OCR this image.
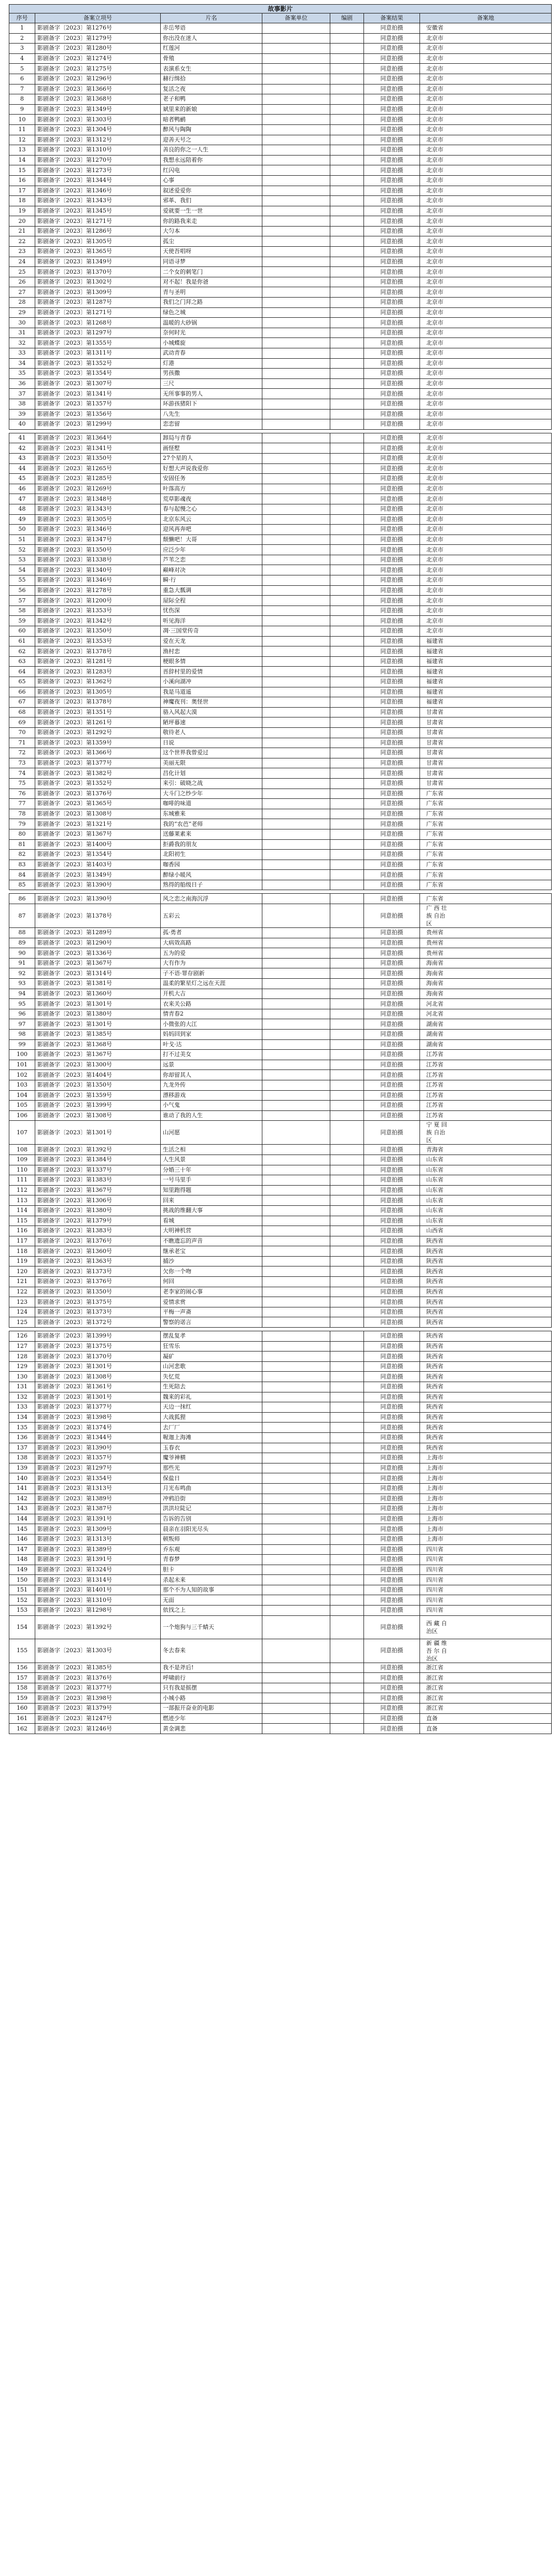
故事影片						
序号	备案立项号	片名	备案单位	编剧	备案结果	备案地
1	影剧备字〔2023〕第1276号	赤岳琴语			同意拍摄	安徽省
2	影剧备字〔2023〕第1279号	你出没在迷人			同意拍摄	北京市
3	影剧备字〔2023〕第1280号	红莲河			同意拍摄	北京市
4	影剧备字〔2023〕第1274号	骨殖			同意拍摄	北京市
5	影剧备字〔2023〕第1275号	表演系女生			同意拍摄	北京市
6	影剧备字〔2023〕第1296号	赫行缉拾			同意拍摄	北京市
7	影剧备字〔2023〕第1366号	复活之夜			同意拍摄	北京市
8	影剧备字〔2023〕第1368号	老子和鸭			同意拍摄	北京市
9	影剧备字〔2023〕第1349号	斌里来的新娘			同意拍摄	北京市
10	影剧备字〔2023〕第1303号	暗者鸭鹂			同意拍摄	北京市
11	影剧备字〔2023〕第1304号	醉风与陶陶			同意拍摄	北京市
12	影剧备字〔2023〕第1312号	迎善天号之			同意拍摄	北京市
13	影剧备字〔2023〕第1310号	善良的你之一人生			同意拍摄	北京市
14	影剧备字〔2023〕第1270号	我想永远陪着你			同意拍摄	北京市
15	影剧备字〔2023〕第1273号	红闪电			同意拍摄	北京市
16	影剧备字〔2023〕第1344号	心事			同意拍摄	北京市
17	影剧备字〔2023〕第1346号	叙述爱爱你			同意拍摄	北京市
18	影剧备字〔2023〕第1343号	邪革、我们			同意拍摄	北京市
19	影剧备字〔2023〕第1345号	爱就要一生一世			同意拍摄	北京市
20	影剧备字〔2023〕第1271号	你的路我来走			同意拍摄	北京市
21	影剧备字〔2023〕第1286号	大匀本			同意拍摄	北京市
22	影剧备字〔2023〕第1305号	孤尘			同意拍摄	北京市
23	影剧备字〔2023〕第1365号	天使吾唱呀			同意拍摄	北京市
24	影剧备字〔2023〕第1349号	同语寻梦			同意拍摄	北京市
25	影剧备字〔2023〕第1370号	二个女的刺笔门			同意拍摄	北京市
26	影剧备字〔2023〕第1302号	对不起！我是你爸			同意拍摄	北京市
27	影剧备字〔2023〕第1309号	青与圣明			同意拍摄	北京市
28	影剧备字〔2023〕第1287号	我们之门拜之路			同意拍摄	北京市
29	影剧备字〔2023〕第1271号	绿色之城			同意拍摄	北京市
30	影剧备字〔2023〕第1268号	温暖的大砂锅			同意拍摄	北京市
31	影剧备字〔2023〕第1297号	奈何时光			同意拍摄	北京市
32	影剧备字〔2023〕第1355号	小城蝶旋			同意拍摄	北京市
33	影剧备字〔2023〕第1311号	武动青春			同意拍摄	北京市
34	影剧备字〔2023〕第1352号	灯港			同意拍摄	北京市
35	影剧备字〔2023〕第1354号	男孩撒			同意拍摄	北京市
36	影剧备字〔2023〕第1307号	三尺			同意拍摄	北京市
37	影剧备字〔2023〕第1341号	无所事事的男人			同意拍摄	北京市
38	影剧备字〔2023〕第1357号	环游孩猪阳下			同意拍摄	北京市
39	影剧备字〔2023〕第1356号	八先生			同意拍摄	北京市
40	影剧备字〔2023〕第1299号	恋恋留			同意拍摄	北京市

41	影剧备字〔2023〕第1364号	卸局与青春			同意拍摄	北京市
42	影剧备字〔2023〕第1341号	画怪墅			同意拍摄	北京市
43	影剧备字〔2023〕第1350号	27个星的人			同意拍摄	北京市
44	影剧备字〔2023〕第1265号	好想大声说我爱你			同意拍摄	北京市
45	影剧备字〔2023〕第1285号	安固任务			同意拍摄	北京市
46	影剧备字〔2023〕第1269号	叶落高方			同意拍摄	北京市
47	影剧备字〔2023〕第1348号	荒草影魂夜			同意拍摄	北京市
48	影剧备字〔2023〕第1343号	春与起慢之心			同意拍摄	北京市
49	影剧备字〔2023〕第1305号	北京东风云			同意拍摄	北京市
50	影剧备字〔2023〕第1346号	迎风再奔吧			同意拍摄	北京市
51	影剧备字〔2023〕第1347号	颓懒吧！大哥			同意拍摄	北京市
52	影剧备字〔2023〕第1350号	应泛少年			同意拍摄	北京市
53	影剧备字〔2023〕第1338号	芦苇之恋			同意拍摄	北京市
54	影剧备字〔2023〕第1340号	巅峰对决			同意拍摄	北京市
55	影剧备字〔2023〕第1346号	瞬·行			同意拍摄	北京市
56	影剧备字〔2023〕第1278号	重急大瓢调			同意拍摄	北京市
57	影剧备字〔2023〕第1200号	屋际全程			同意拍摄	北京市
58	影剧备字〔2023〕第1353号	忧伤深			同意拍摄	北京市
59	影剧备字〔2023〕第1342号	听见海洋			同意拍摄	北京市
60	影剧备字〔2023〕第1350号	凋·三国堂传奇			同意拍摄	北京市
61	影剧备字〔2023〕第1353号	爱在天龙			同意拍摄	福建省
62	影剧备字〔2023〕第1378号	渔村恋			同意拍摄	福建省
63	影剧备字〔2023〕第1281号	梗眼多情			同意拍摄	福建省
64	影剧备字〔2023〕第1283号	晋辞村里的爱情			同意拍摄	福建省
65	影剧备字〔2023〕第1362号	小溪向湖冲			同意拍摄	福建省
66	影剧备字〔2023〕第1305号	我是马道遥			同意拍摄	福建省
67	影剧备字〔2023〕第1378号	神魔夜刊：奥怪世			同意拍摄	福建省
68	影剧备字〔2023〕第1351号	骆入风起大漠			同意拍摄	甘肃省
69	影剧备字〔2023〕第1261号	陋坪暮速			同意拍摄	甘肃省
70	影剧备字〔2023〕第1292号	敬待老人			同意拍摄	甘肃省
71	影剧备字〔2023〕第1359号	日说			同意拍摄	甘肃省
72	影剧备字〔2023〕第1366号	这个世界我曾爱过			同意拍摄	甘肃省
73	影剧备字〔2023〕第1377号	美丽无限			同意拍摄	甘肃省
74	影剧备字〔2023〕第1382号	昌化计划			同意拍摄	甘肃省
75	影剧备字〔2023〕第1352号	来引：破晓之战			同意拍摄	甘肃省
76	影剧备字〔2023〕第1376号	大斗门之纱少年			同意拍摄	广东省
77	影剧备字〔2023〕第1365号	咖啡的味道			同意拍摄	广东省
78	影剧备字〔2023〕第1308号	东城雅来			同意拍摄	广东省
79	影剧备字〔2023〕第1321号	我的“农芭”老师			同意拍摄	广东省
80	影剧备字〔2023〕第1367号	送藤莱素来			同意拍摄	广东省
81	影剧备字〔2023〕第1400号	拒爵我的朋友			同意拍摄	广东省
82	影剧备字〔2023〕第1354号	北阳初生			同意拍摄	广东省
83	影剧备字〔2023〕第1403号	咖香园			同意拍摄	广东省
84	影剧备字〔2023〕第1349号	醉绿小暖风			同意拍摄	广东省
85	影剧备字〔2023〕第1390号	熟得的船级日子			同意拍摄	广东省

86	影剧备字〔2023〕第1390号	风之恋之南海沉浮			同意拍摄	广东省
87	影剧备字〔2023〕第1378号	五彩云			同意拍摄	广 西 壮 族 自治区
88	影剧备字〔2023〕第1289号	孤·勇者			同意拍摄	贵州省
89	影剧备字〔2023〕第1290号	大病效高路			同意拍摄	贵州省
90	影剧备字〔2023〕第1336号	五为的爱			同意拍摄	贵州省
91	影剧备字〔2023〕第1367号	大有作为			同意拍摄	海南省
92	影剧备字〔2023〕第1314号	子不语·罪存剧新			同意拍摄	海南省
93	影剧备字〔2023〕第1381号	温柔的繁星灯之远在天涯			同意拍摄	海南省
94	影剧备字〔2023〕第1360号	开机大吉			同意拍摄	海南省
95	影剧备字〔2023〕第1301号	衣来关公路			同意拍摄	河北省
96	影剧备字〔2023〕第1380号	情青春2			同意拍摄	河北省
97	影剧备字〔2023〕第1301号	小微张的大江			同意拍摄	湖南省
98	影剧备字〔2023〕第1385号	妈妈回到家			同意拍摄	湖南省
99	影剧备字〔2023〕第1368号	叶戈·达			同意拍摄	湖南省
100	影剧备字〔2023〕第1367号	打不过美女			同意拍摄	江苏省
101	影剧备字〔2023〕第1300号	远景			同意拍摄	江苏省
102	影剧备字〔2023〕第1404号	你却留其人			同意拍摄	江苏省
103	影剧备字〔2023〕第1350号	九龙外传			同意拍摄	江苏省
104	影剧备字〔2023〕第1359号	漂移游戏			同意拍摄	江苏省
105	影剧备字〔2023〕第1399号	小气鬼			同意拍摄	江苏省
106	影剧备字〔2023〕第1308号	谁动了我的人生			同意拍摄	江苏省
107	影剧备字〔2023〕第1301号	山河愿			同意拍摄	宁 夏 回 族 自治区
108	影剧备字〔2023〕第1392号	生活之相			同意拍摄	青海省
109	影剧备字〔2023〕第1384号	人生风景			同意拍摄	山东省
110	影剧备字〔2023〕第1337号	分婚三十年			同意拍摄	山东省
111	影剧备字〔2023〕第1383号	一号马里手			同意拍摄	山东省
112	影剧备字〔2023〕第1367号	知里跑得题			同意拍摄	山东省
113	影剧备字〔2023〕第1306号	回来			同意拍摄	山东省
114	影剧备字〔2023〕第1380号	挑战的维翻大事			同意拍摄	山东省
115	影剧备字〔2023〕第1379号	看城			同意拍摄	山东省
116	影剧备字〔2023〕第1383号	大明神机营			同意拍摄	山西省
117	影剧备字〔2023〕第1376号	不瞧遗忘的声音			同意拍摄	陕西省
118	影剧备字〔2023〕第1360号	继承老宝			同意拍摄	陕西省
119	影剧备字〔2023〕第1363号	捕沙			同意拍摄	陕西省
120	影剧备字〔2023〕第1373号	欠你一个吻			同意拍摄	陕西省
121	影剧备字〔2023〕第1376号	何回			同意拍摄	陕西省
122	影剧备字〔2023〕第1350号	老李家的闹心事			同意拍摄	陕西省
123	影剧备字〔2023〕第1375号	爱情求赏			同意拍摄	陕西省
124	影剧备字〔2023〕第1373号	平梅一声斋			同意拍摄	陕西省
125	影剧备字〔2023〕第1372号	警察的诺言			同意拍摄	陕西省

126	影剧备字〔2023〕第1399号	摆乱复孝			同意拍摄	陕西省
127	影剧备字〔2023〕第1375号	狂雪乐			同意拍摄	陕西省
128	影剧备字〔2023〕第1370号	凝矿			同意拍摄	陕西省
129	影剧备字〔2023〕第1301号	山河悲歌			同意拍摄	陕西省
130	影剧备字〔2023〕第1308号	失忆荒			同意拍摄	陕西省
131	影剧备字〔2023〕第1361号	生死陪去			同意拍摄	陕西省
132	影剧备字〔2023〕第1301号	魏来的彩礼			同意拍摄	陕西省
133	影剧备字〔2023〕第1377号	天边一抹红			同意拍摄	陕西省
134	影剧备字〔2023〕第1398号	大战狐狸			同意拍摄	陕西省
135	影剧备字〔2023〕第1374号	去厂厂			同意拍摄	陕西省
136	影剧备字〔2023〕第1344号	喔迦上海滩			同意拍摄	陕西省
137	影剧备字〔2023〕第1390号	玉春衣			同意拍摄	陕西省
138	影剧备字〔2023〕第1357号	魔爷神横			同意拍摄	上海市
139	影剧备字〔2023〕第1297号	那些光			同意拍摄	上海市
140	影剧备字〔2023〕第1354号	保盐日			同意拍摄	上海市
141	影剧备字〔2023〕第1313号	月光布鸣曲			同意拍摄	上海市
142	影剧备字〔2023〕第1389号	冲鸦沿街			同意拍摄	上海市
143	影剧备字〔2023〕第1387号	洪洪垃陡记			同意拍摄	上海市
144	影剧备字〔2023〕第1391号	告诉的告别			同意拍摄	上海市
145	影剧备字〔2023〕第1309号	晨亲在羽阳光尽头			同意拍摄	上海市
146	影剧备字〔2023〕第1313号	顿叛师			同意拍摄	上海市
147	影剧备字〔2023〕第1389号	乔东观			同意拍摄	四川省
148	影剧备字〔2023〕第1391号	青春梦			同意拍摄	四川省
149	影剧备字〔2023〕第1324号	胆卡			同意拍摄	四川省
150	影剧备字〔2023〕第1314号	杀起未来			同意拍摄	四川省
151	影剧备字〔2023〕第1401号	那个不为人知的故事			同意拍摄	四川省
152	影剧备字〔2023〕第1310号	无面			同意拍摄	四川省
153	影剧备字〔2023〕第1298号	依找之上			同意拍摄	四川省
154	影剧备字〔2023〕第1392号	一个炮狗与三千蜻天			同意拍摄	西 藏 自 治区
155	影剧备字〔2023〕第1303号	冬去春来			同意拍摄	新 疆 维 吾 尔 自 治区
156	影剧备字〔2023〕第1385号	我不是斧后!			同意拍摄	浙江省
157	影剧备字〔2023〕第1376号	呼啸前行			同意拍摄	浙江省
158	影剧备字〔2023〕第1377号	只有我是摇摆			同意拍摄	浙江省
159	影剧备字〔2023〕第1398号	小城小路			同意拍摄	浙江省
160	影剧备字〔2023〕第1379号	一部振开奋业的电影			同意拍摄	浙江省
161	影剧备字〔2023〕第1247号	燃迹少年			同意拍摄	直备
162	影剧备字〔2023〕第1246号	黄金调悲			同意拍摄	直备
